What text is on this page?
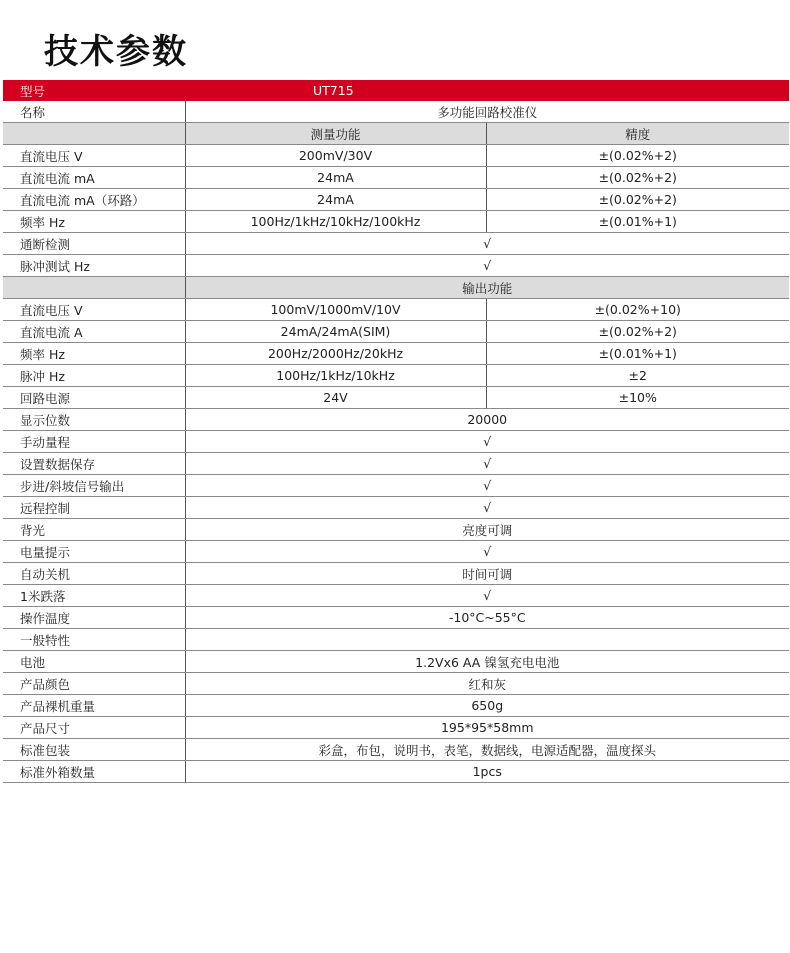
技术参数
型号	UT715	
名称	多功能回路校准仪	
	测量功能	精度
直流电压 V	200mV/30V	±(0.02%+2)
直流电流 mA	24mA	±(0.02%+2)
直流电流 mA（环路）	24mA	±(0.02%+2)
频率 Hz	100Hz/1kHz/10kHz/100kHz	±(0.01%+1)
通断检测	√	
脉冲测试 Hz	√	
	输出功能	
直流电压 V	100mV/1000mV/10V	±(0.02%+10)
直流电流 A	24mA/24mA(SIM)	±(0.02%+2)
频率 Hz	200Hz/2000Hz/20kHz	±(0.01%+1)
脉冲 Hz	100Hz/1kHz/10kHz	±2
回路电源	24V	±10%
显示位数	20000	
手动量程	√	
设置数据保存	√	
步进/斜坡信号输出	√	
远程控制	√	
背光	亮度可调	
电量提示	√	
自动关机	时间可调	
1米跌落	√	
操作温度	-10°C~55°C	
一般特性		
电池	1.2Vx6 AA 镍氢充电电池	
产品颜色	红和灰	
产品裸机重量	650g	
产品尺寸	195*95*58mm	
标准包装	彩盒，布包，说明书，表笔，数据线，电源适配器，温度探头	
标准外箱数量	1pcs	
